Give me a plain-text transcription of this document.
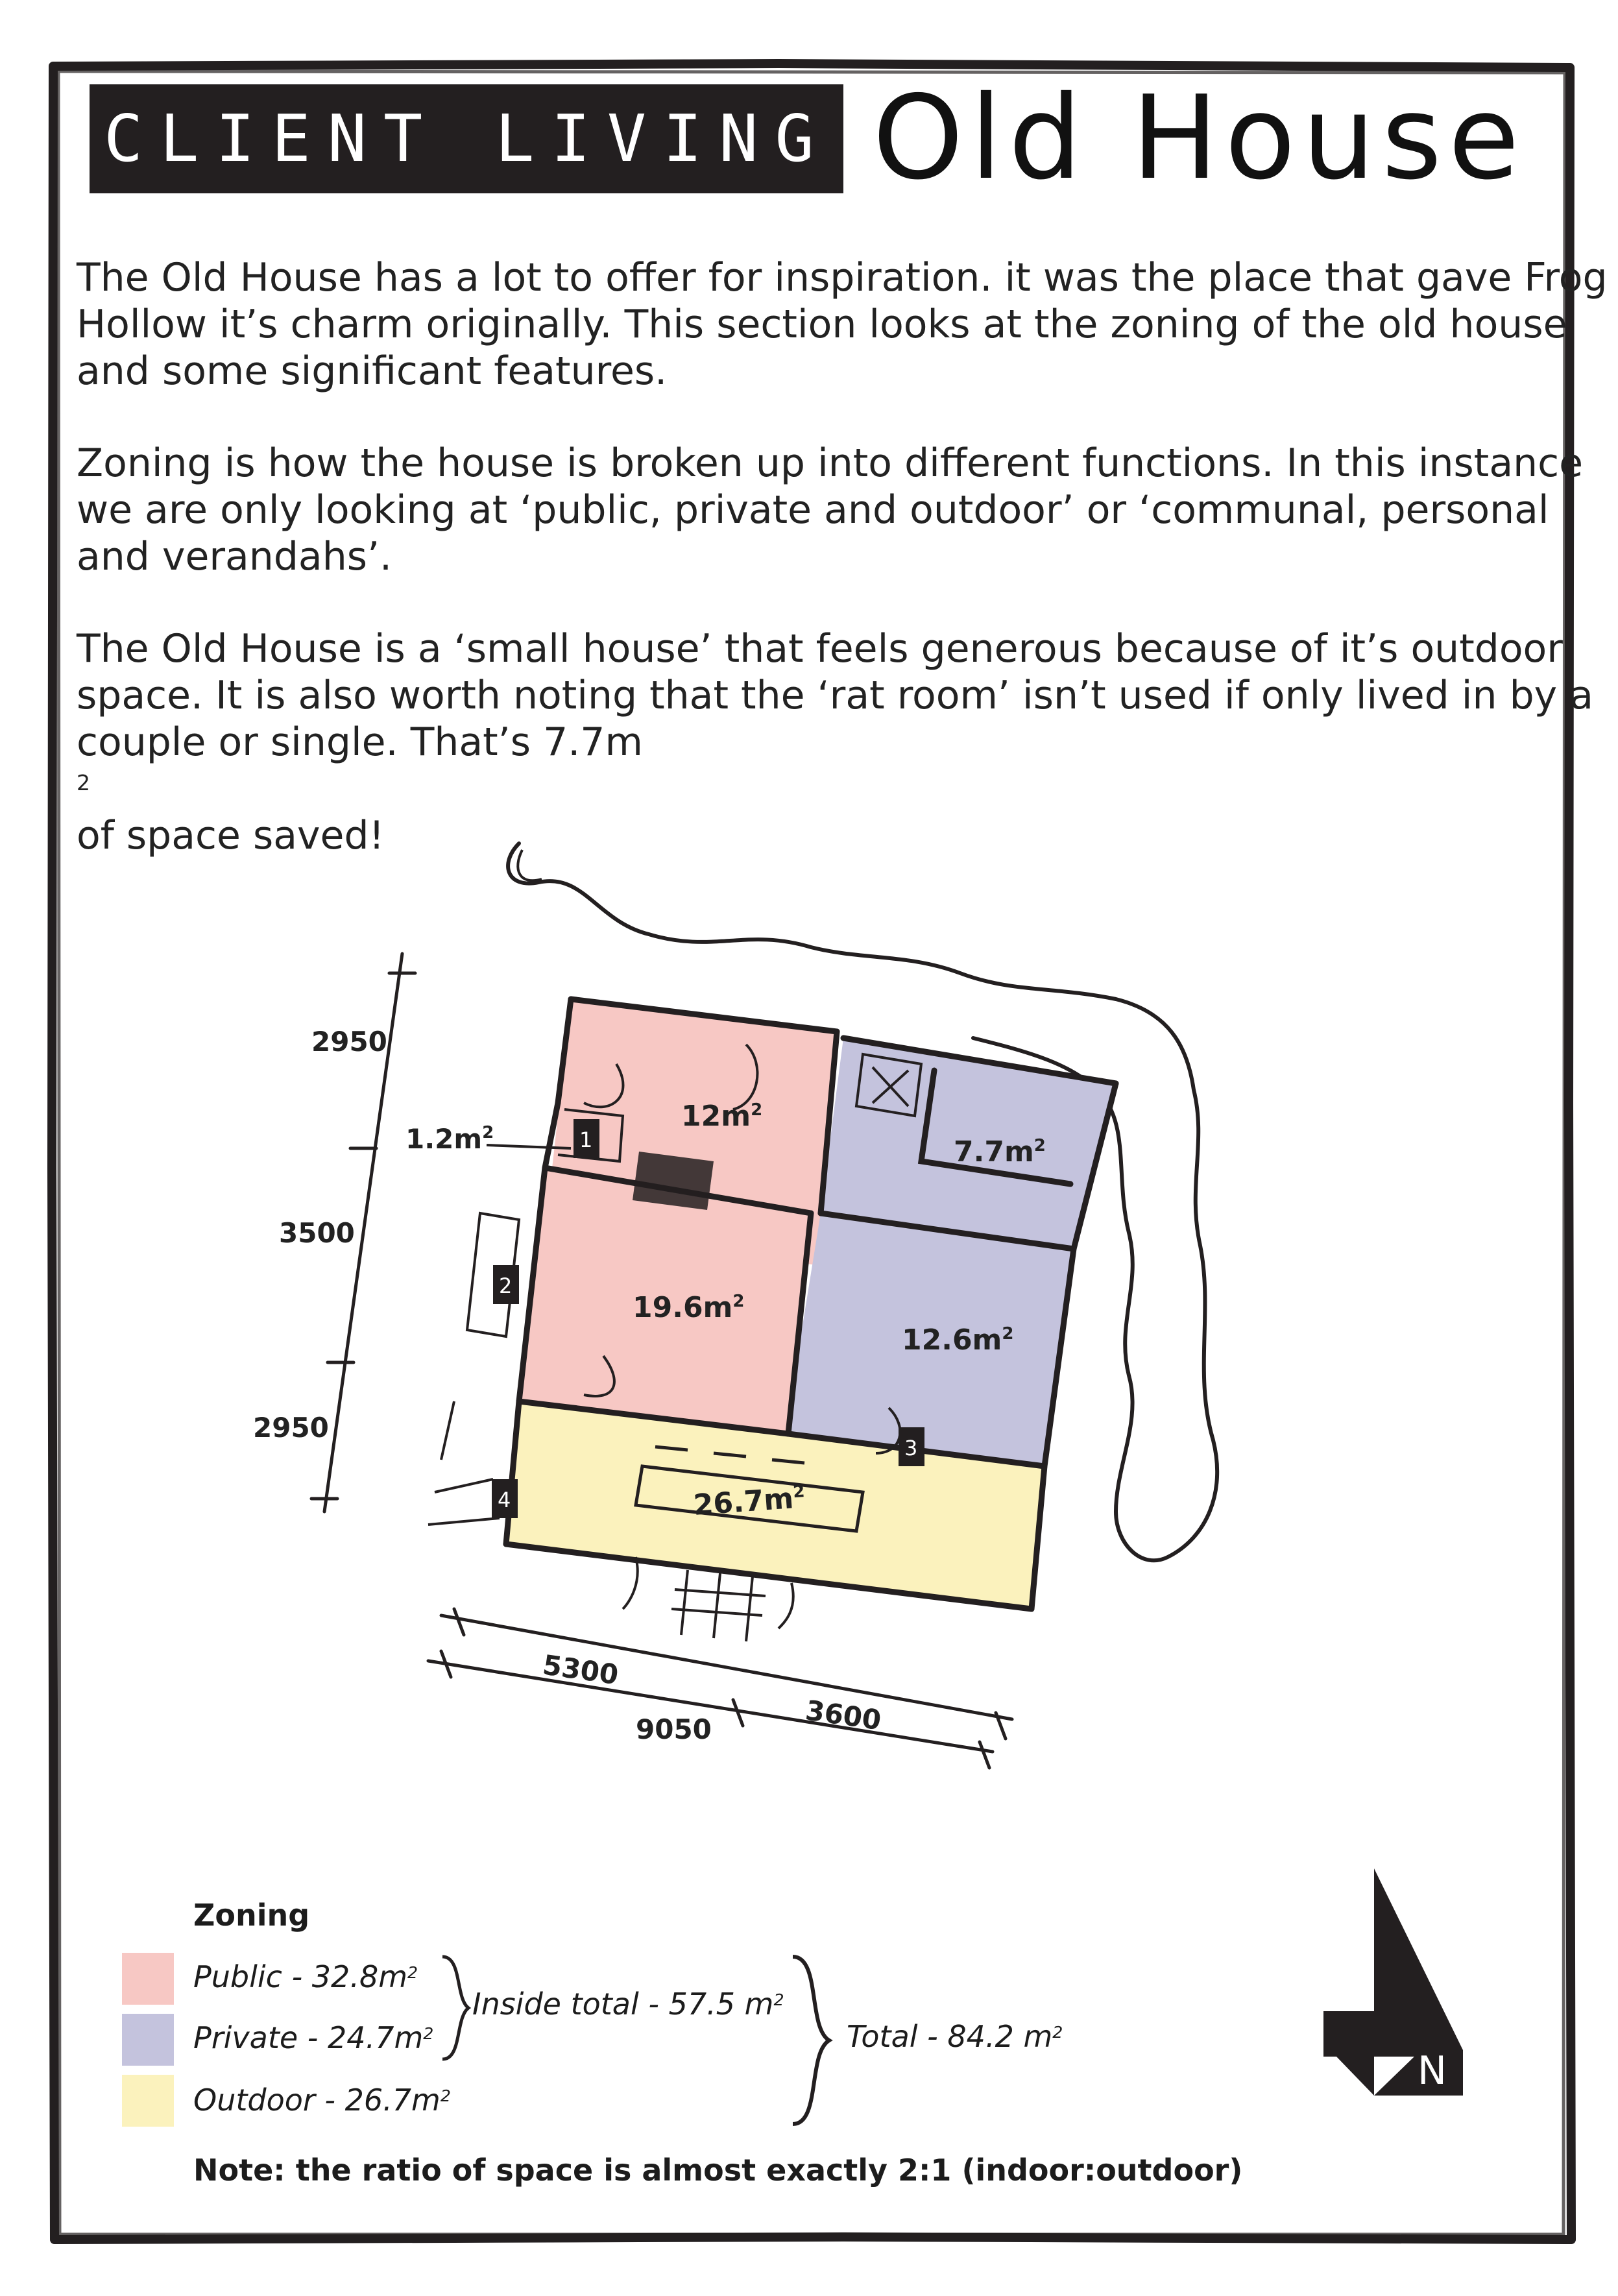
CLIENT LIVING Old House

The Old House has a lot to offer for inspiration. it was the place that gave Frog
Hollow it’s charm originally. This section looks at the zoning of the old house
and some significant features.

Zoning is how the house is broken up into different functions. In this instance
we are only looking at ‘public, private and outdoor’ or ‘communal, personal
and verandahs’.

The Old House is a ‘small house’ that feels generous because of it’s outdoor
space. It is also worth noting that the ‘rat room’ isn’t used if only lived in by a
couple or single. That’s 7.7m
$^2$
of space saved!

2950
3500
2950
5300
3600
9050
$12m^2$
$7.7m^2$
$1.2m^2$
$19.6m^2$
$12.6m^2$
$26.7m^2$
1
2
3
4
Zoning
Public - $32.8m^2$
Private - $24.7m^2$
Outdoor - $26.7m^2$
Inside total - 57.5 $m^2$
Total - 84.2 $m^2$
Note: the ratio of space is almost exactly 2:1 (indoor:outdoor)
N
